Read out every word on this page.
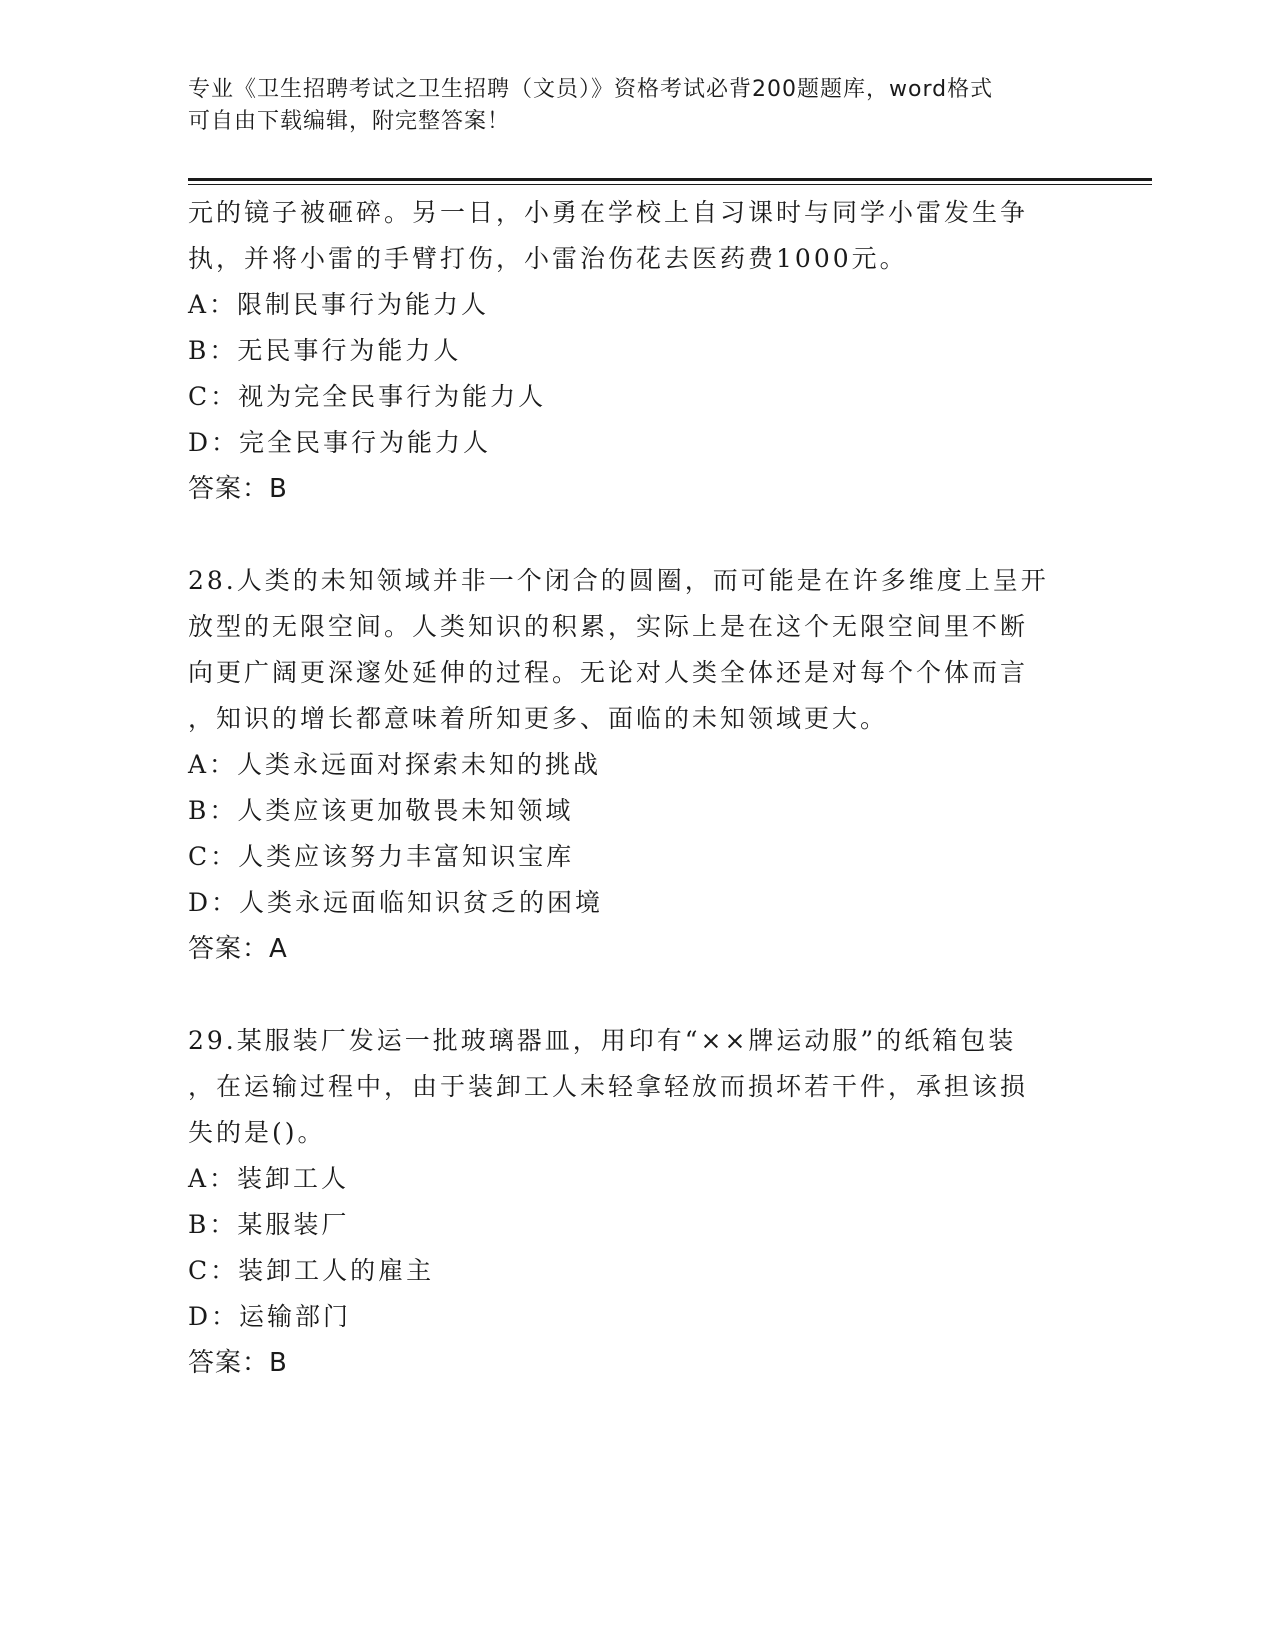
专业《卫生招聘考试之卫生招聘（文员）》资格考试必背200题题库，word格式
可自由下载编辑，附完整答案！
元的镜子被砸碎。另一日，小勇在学校上自习课时与同学小雷发生争
执，并将小雷的手臂打伤，小雷治伤花去医药费1000元。
A：限制民事行为能力人
B：无民事行为能力人
C：视为完全民事行为能力人
D：完全民事行为能力人
答案：B
28.人类的未知领域并非一个闭合的圆圈，而可能是在许多维度上呈开
放型的无限空间。人类知识的积累，实际上是在这个无限空间里不断
向更广阔更深邃处延伸的过程。无论对人类全体还是对每个个体而言
，知识的增长都意味着所知更多、面临的未知领域更大。
A：人类永远面对探索未知的挑战
B：人类应该更加敬畏未知领域
C：人类应该努力丰富知识宝库
D：人类永远面临知识贫乏的困境
答案：A
29.某服装厂发运一批玻璃器皿，用印有“××牌运动服”的纸箱包装
，在运输过程中，由于装卸工人未轻拿轻放而损坏若干件，承担该损
失的是()。
A：装卸工人
B：某服装厂
C：装卸工人的雇主
D：运输部门
答案：B
